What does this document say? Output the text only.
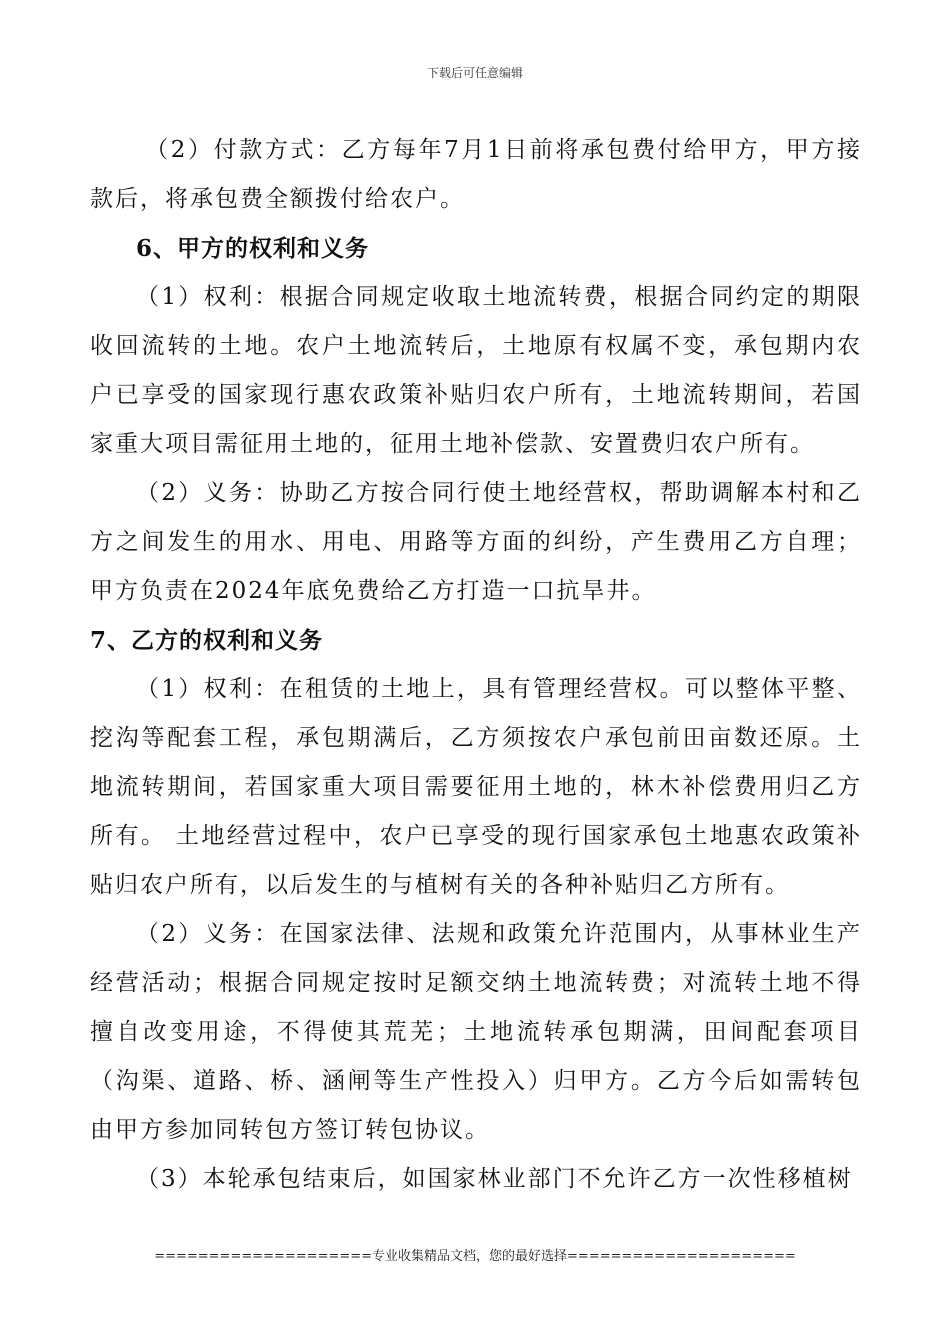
下载后可任意编辑

（2）付款方式：乙方每年7月1日前将承包费付给甲方，甲方接款后，将承包费全额拨付给农户。

6、甲方的权利和义务

（1）权利：根据合同规定收取土地流转费，根据合同约定的期限收回流转的土地。农户土地流转后，土地原有权属不变，承包期内农户已享受的国家现行惠农政策补贴归农户所有，土地流转期间，若国家重大项目需征用土地的，征用土地补偿款、安置费归农户所有。

（2）义务：协助乙方按合同行使土地经营权，帮助调解本村和乙方之间发生的用水、用电、用路等方面的纠纷，产生费用乙方自理；甲方负责在2024年底免费给乙方打造一口抗旱井。

7、乙方的权利和义务

（1）权利：在租赁的土地上，具有管理经营权。可以整体平整、挖沟等配套工程，承包期满后，乙方须按农户承包前田亩数还原。土地流转期间，若国家重大项目需要征用土地的，林木补偿费用归乙方所有。 土地经营过程中，农户已享受的现行国家承包土地惠农政策补贴归农户所有，以后发生的与植树有关的各种补贴归乙方所有。

（2）义务：在国家法律、法规和政策允许范围内，从事林业生产经营活动；根据合同规定按时足额交纳土地流转费；对流转土地不得擅自改变用途，不得使其荒芜；土地流转承包期满，田间配套项目（沟渠、道路、桥、涵闸等生产性投入）归甲方。乙方今后如需转包由甲方参加同转包方签订转包协议。

（3）本轮承包结束后，如国家林业部门不允许乙方一次性移植树

====================专业收集精品文档，您的最好选择=====================
